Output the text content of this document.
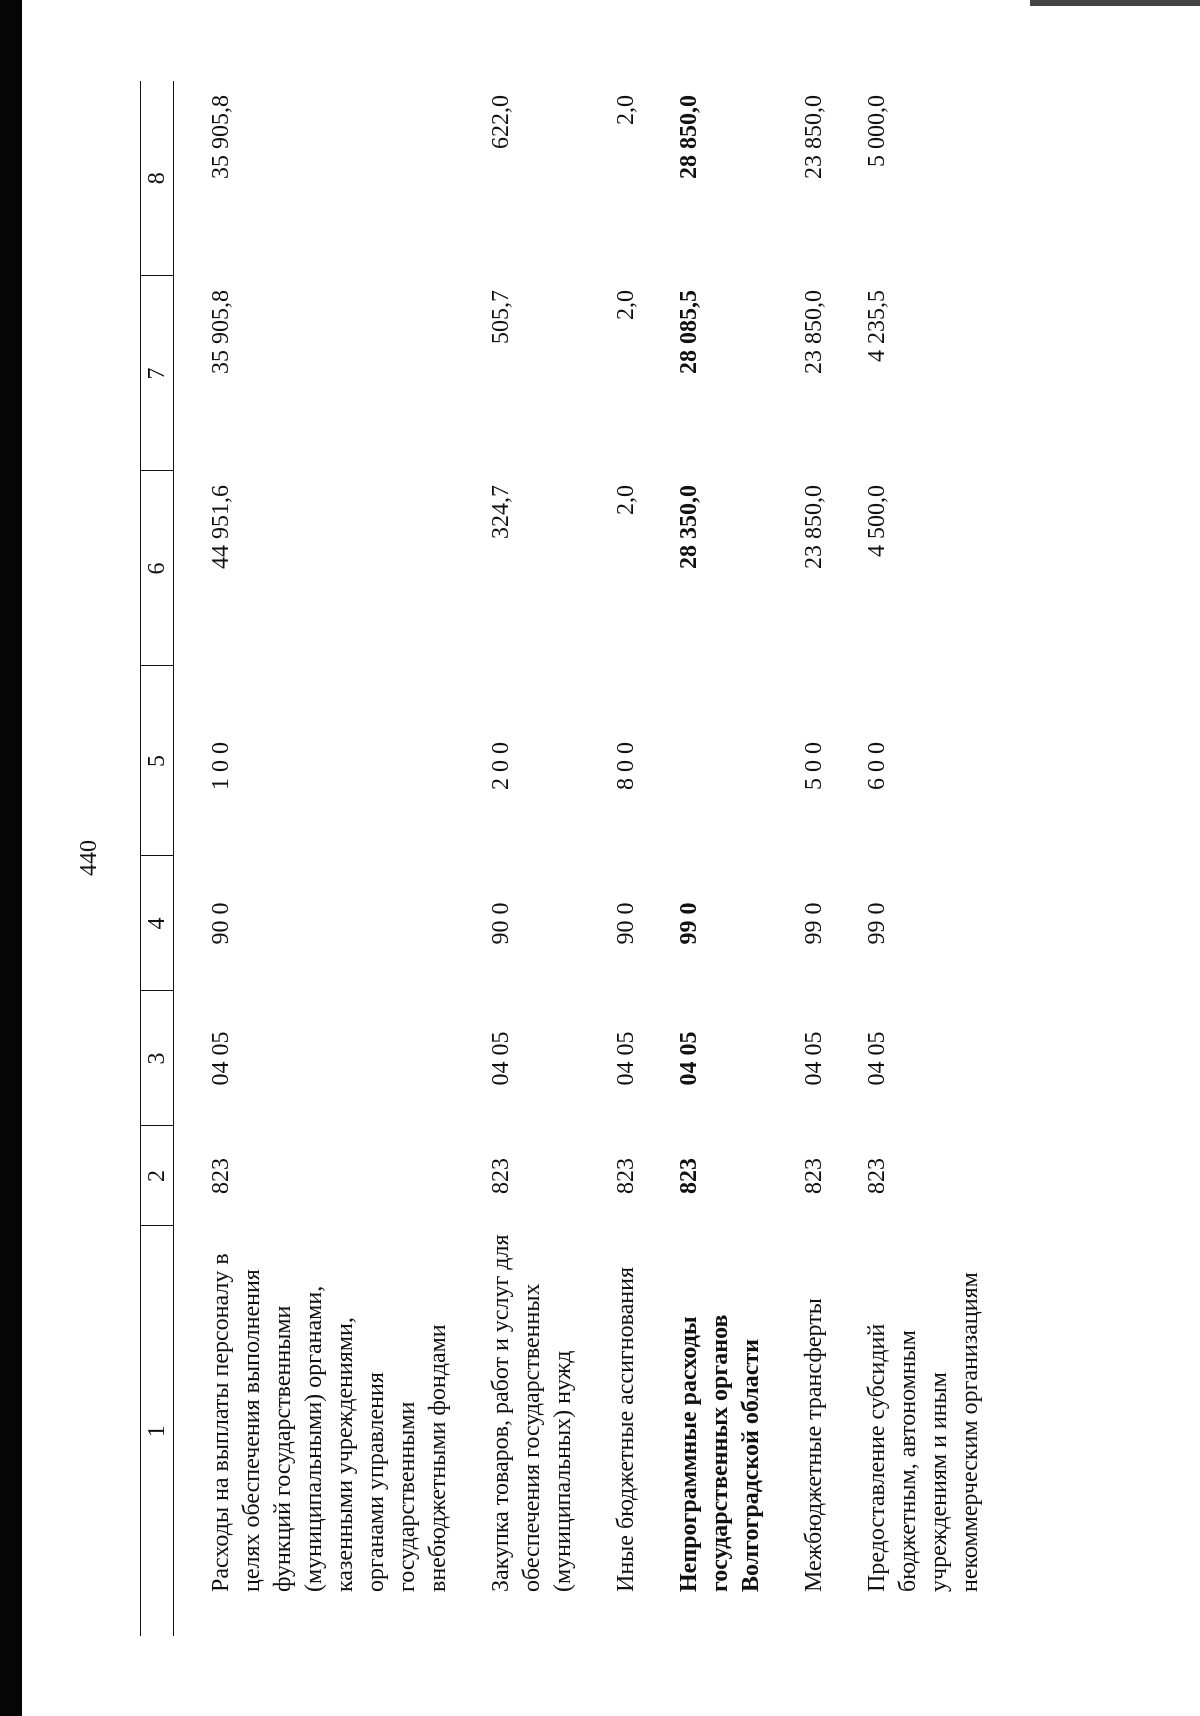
440
1	2	3	4	5	6	7	8
Расходы на выплаты персоналу в целях обеспечения выполнения функций государственными (муниципальными) органами, казенными учреждениями, органами управления государственными внебюджетными фондами	823	04 05	90 0	1 0 0	44 951,6	35 905,8	35 905,8

Закупка товаров, работ и услуг для обеспечения государственных (муниципальных) нужд	823	04 05	90 0	2 0 0	324,7	505,7	622,0

Иные бюджетные ассигнования	823	04 05	90 0	8 0 0	2,0	2,0	2,0

Непрограммные расходы государственных органов Волгоградской области	823	04 05	99 0		28 350,0	28 085,5	28 850,0

Межбюджетные трансферты	823	04 05	99 0	5 0 0	23 850,0	23 850,0	23 850,0

Предоставление субсидий бюджетным, автономным учреждениям и иным некоммерческим организациям	823	04 05	99 0	6 0 0	4 500,0	4 235,5	5 000,0
